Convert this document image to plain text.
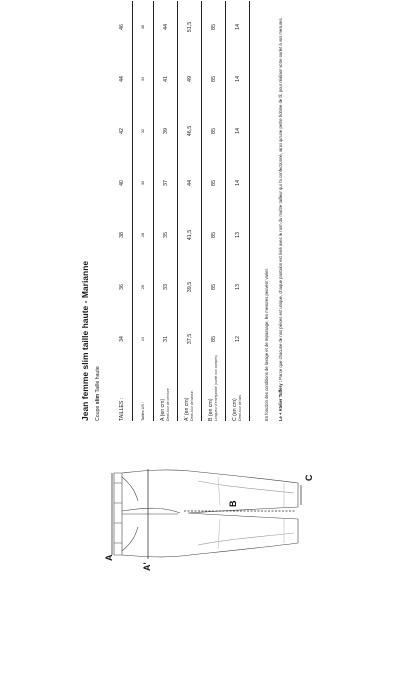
A
A'
B
C
Jean femme slim taille haute - Marianne Coupe slim Taille haute
TAILLES :	34	36	38	40	42	44	46
Tailles US :	24	26	28	30	32	34	36

A (en cm) Demi-tour de ceinture	31	33	35	37	39	41	44

A' (en cm) Demi-tour de bassin	37,5	39,5	41,5	44	46,5	49	51,5

B (en cm) Longueur d'entrejambe (ourlet non compris)	85	85	85	85	85	85	85

C (en cm) Demi-tour de bas	12	13	13	14	14	14	14
En fonction des conditions de lavage et de repassage, les mesures peuvent varier. Le + Atelier Tuffery : Parce que chacune de nos pièces est unique, chaque pantalon est livré avec le nom du maître tailleur qui l'a confectionné, ainsi qu'une petite bobine de fil, pour réaliser votre ourlet à vos mesures.
